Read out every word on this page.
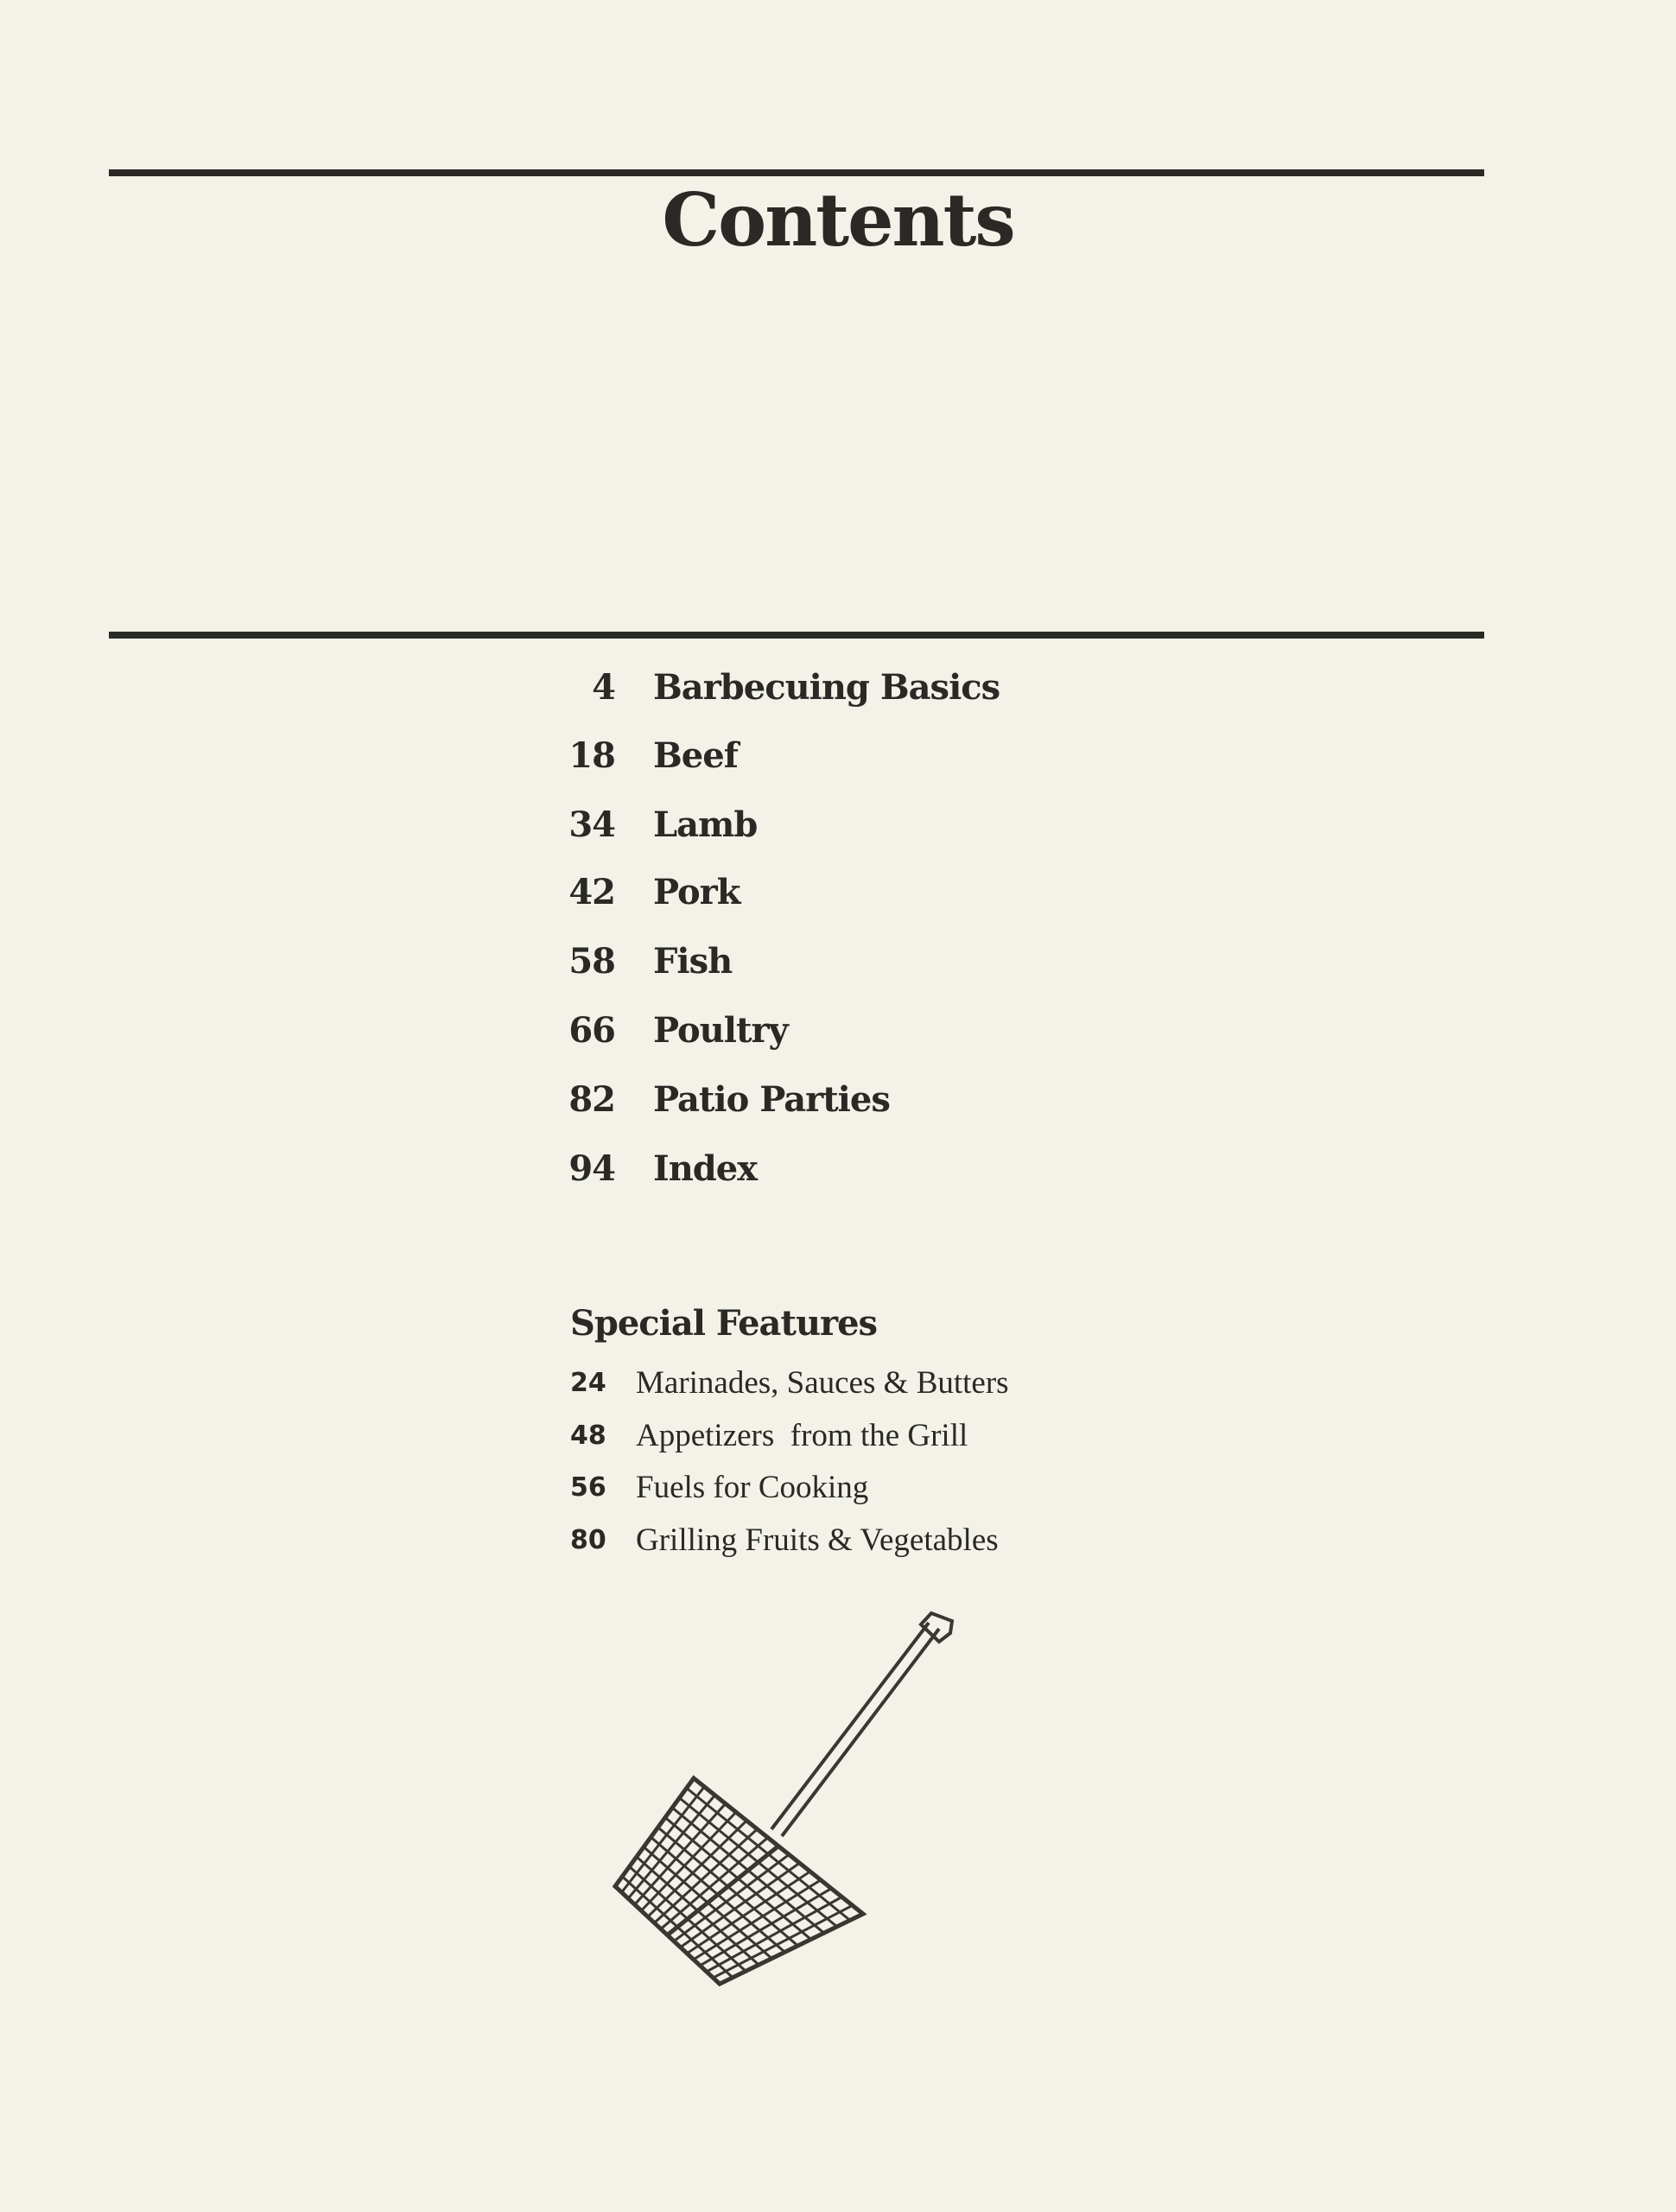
Contents
4 Barbecuing Basics
18 Beef
34 Lamb
42 Pork
58 Fish
66 Poultry
82 Patio Parties
94 Index
Special Features
24 Marinades, Sauces & Butters
48 Appetizers  from the Grill
56 Fuels for Cooking
80 Grilling Fruits & Vegetables
